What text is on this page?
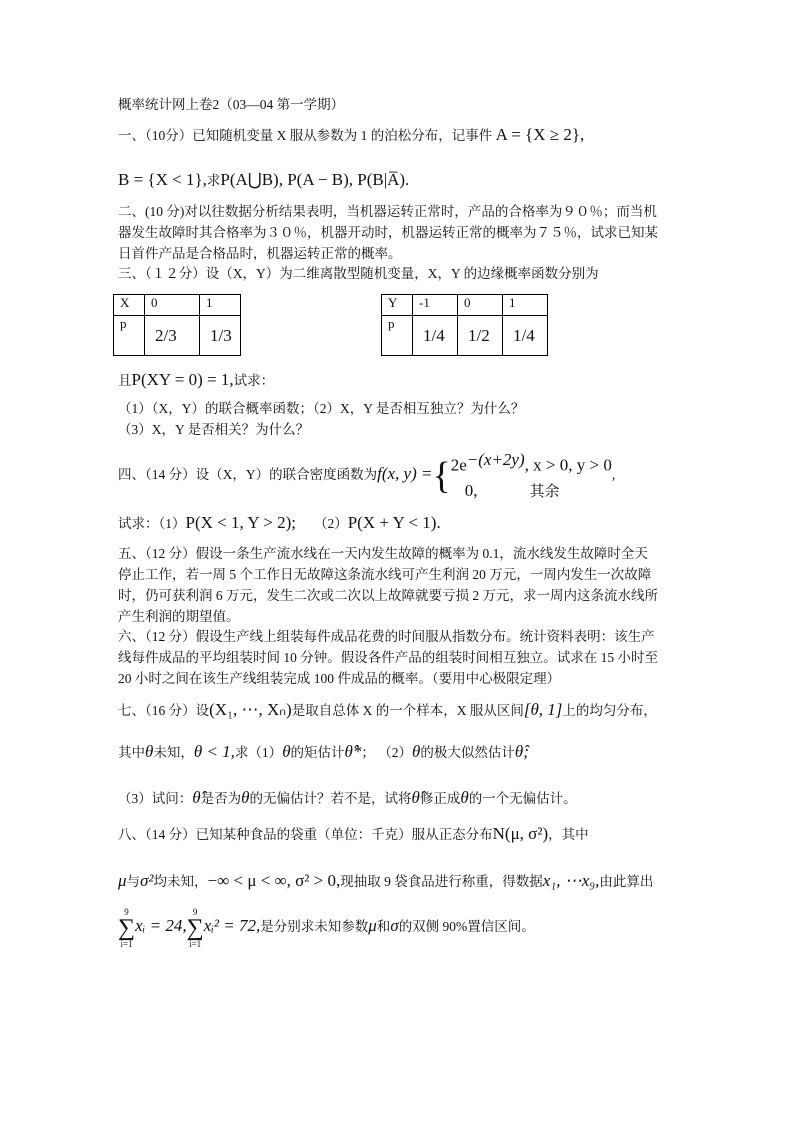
概率统计网上卷2（03—04 第一学期）
一、（10分）已知随机变量 X 服从参数为 1 的泊松分布，记事件 A = {X ≥ 2},
B = {X < 1},求P(A⋃B), P(A − B), P(B|A̅).
二、(10 分)对以往数据分析结果表明，当机器运转正常时，产品的合格率为９０％；而当机
器发生故障时其合格率为３０％，机器开动时，机器运转正常的概率为７５％，试求已知某
日首件产品是合格品时，机器运转正常的概率。
三、（１２分）设（X，Y）为二维离散型随机变量，X，Y 的边缘概率函数分别为
X	0	1
p	2/3	1/3
Y	-1	0	1
p	1/4	1/2	1/4
且P(XY = 0) = 1,试求：
（1）（X，Y）的联合概率函数；（2）X，Y 是否相互独立？为什么？
（3）X，Y 是否相关？为什么？
四、（14 分）设（X，Y）的联合密度函数为f(x, $y) =\{2e^{-(x+2y)}$, x > 0, y > 0
0,	其余,
试求：（1）P(X < 1, Y > 2); （2）P(X + Y < 1).
五、（12 分）假设一条生产流水线在一天内发生故障的概率为 0.1，流水线发生故障时全天
停止工作，若一周 5 个工作日无故障这条流水线可产生利润 20 万元，一周内发生一次故障
时，仍可获利润 6 万元，发生二次或二次以上故障就要亏损 2 万元，求一周内这条流水线所
产生利润的期望值。
六、（12 分）假设生产线上组装每件成品花费的时间服从指数分布。统计资料表明：该生产
线每件成品的平均组装时间 10 分钟。假设各件产品的组装时间相互独立。试求在 15 小时至
20 小时之间在该生产线组装完成 100 件成品的概率。（要用中心极限定理）
七、（16 分）设(X₁, ⋯, Xₙ)是取自总体 X 的一个样本，X 服从区间[θ, 1]上的均匀分布，
其中θ未知，θ < 1,求（1）θ的矩估计θ̂*； （2）θ的极大似然估计θ̂;
（3）试问：θ̂是否为θ的无偏估计？若不是，试将θ̂修正成θ的一个无偏估计。
八、（14 分）已知某种食品的袋重（单位：千克）服从正态分布N(μ, σ²)，其中
μ与σ²均未知，−∞ < μ < ∞, σ² > 0,现抽取 9 袋食品进行称重，得数据x₁, ⋯x₉,由此算出
9
∑
i=1xᵢ = 24,9
∑
i=1xᵢ² = 72,是分别求未知参数μ和σ的双侧 90%置信区间。
